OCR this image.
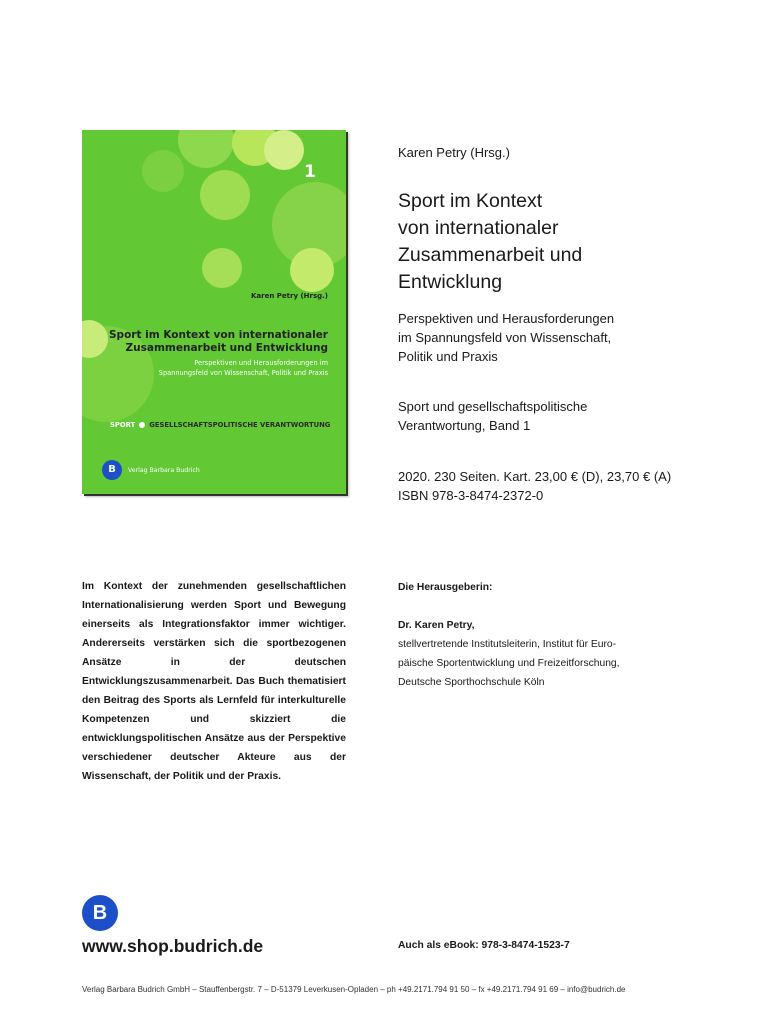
1
Karen Petry (Hrsg.)
Sport im Kontext von internationaler
Zusammenarbeit und Entwicklung
Perspektiven und Herausforderungen im
Spannungsfeld von Wissenschaft, Politik und Praxis
SPORT GESELLSCHAFTSPOLITISCHE VERANTWORTUNG
B	Verlag Barbara Budrich
Karen Petry (Hrsg.)
Sport im Kontext
von internationaler
Zusammenarbeit und
Entwicklung
Perspektiven und Herausforderungen
im Spannungsfeld von Wissenschaft,
Politik und Praxis
Sport und gesellschaftspolitische
Verantwortung, Band 1
2020. 230 Seiten. Kart. 23,00 € (D), 23,70 € (A)
ISBN 978-3-8474-2372-0
Im Kontext der zunehmenden gesellschaftlichen Internationalisierung werden Sport und Bewegung einerseits als Integrationsfaktor immer wichtiger. Andererseits verstärken sich die sportbezogenen Ansätze in der deutschen Entwicklungszusammenarbeit. Das Buch thematisiert den Beitrag des Sports als Lernfeld für interkulturelle Kompetenzen und skizziert die entwicklungspolitischen Ansätze aus der Perspektive verschiedener deutscher Akteure aus der Wissenschaft, der Politik und der Praxis.
Die Herausgeberin:
Dr. Karen Petry,
stellvertretende Institutsleiterin, Institut für Euro-
päische Sportentwicklung und Freizeitforschung,
Deutsche Sporthochschule Köln
B
www.shop.budrich.de	Auch als eBook: 978-3-8474-1523-7
Verlag Barbara Budrich GmbH – Stauffenbergstr. 7 – D-51379 Leverkusen-Opladen – ph +49.2171.794 91 50 – fx +49.2171.794 91 69 – info@budrich.de
